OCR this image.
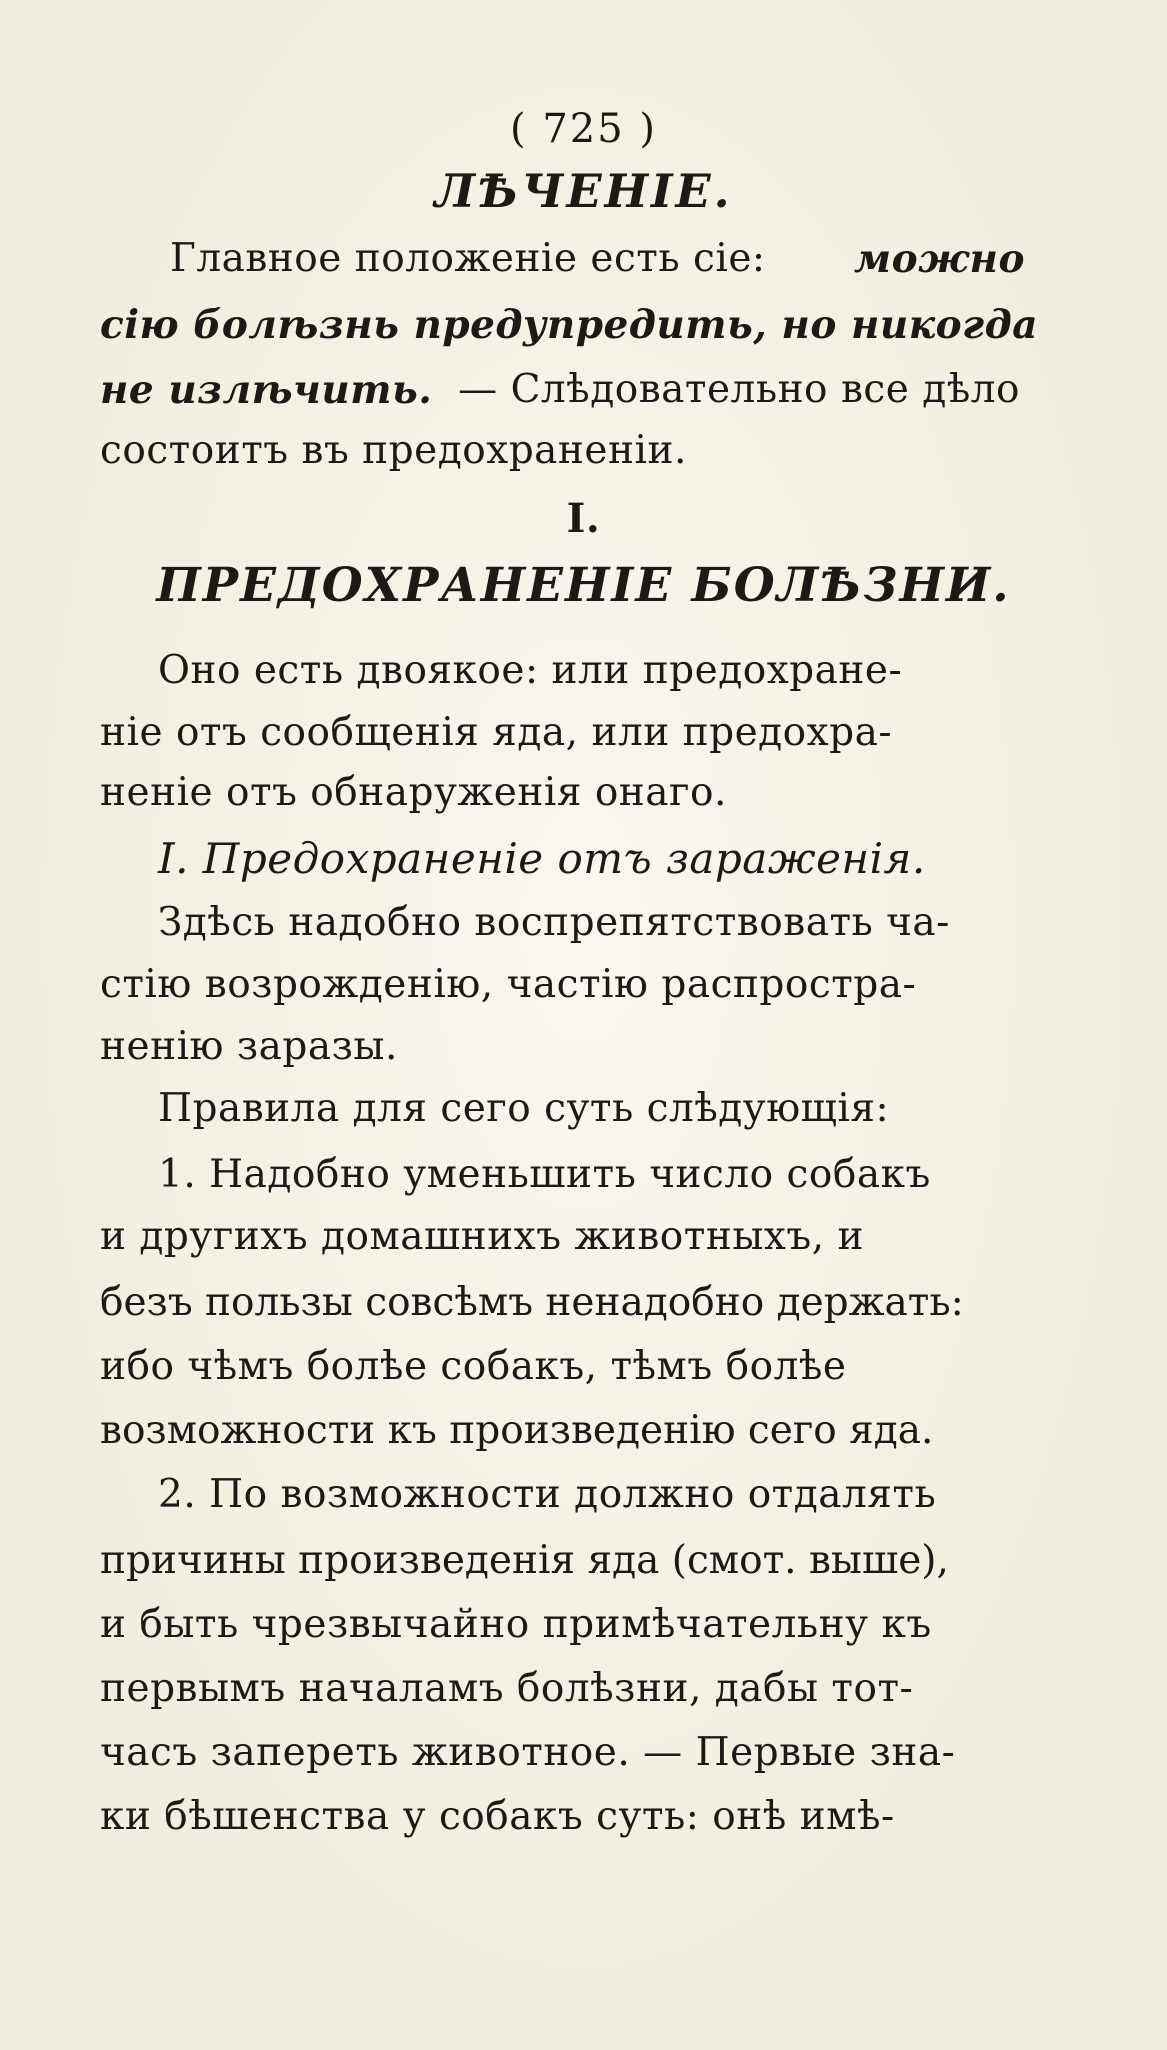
( 725 )
ЛѢЧЕНIЕ.
Главное положенiе есть сiе: можно
сiю болѣзнь предупредить, но никогда
не излѣчить. — Слѣдовательно все дѣло
состоитъ въ предохраненiи.
I.
ПРЕДОХРАНЕНIЕ БОЛѢЗНИ.
Оно есть двоякое: или предохране-
нiе отъ сообщенiя яда, или предохра-
ненiе отъ обнаруженiя онаго.
I. Предохраненiе отъ зараженiя.
Здѣсь надобно воспрепятствовать ча-
стiю возрожденiю, частiю распростра-
ненiю заразы.
Правила для сего суть слѣдующiя:
1. Надобно уменьшить число собакъ
и другихъ домашнихъ животныхъ, и
безъ пользы совсѣмъ ненадобно держать:
ибо чѣмъ болѣе собакъ, тѣмъ болѣе
возможности къ произведенiю сего яда.
2. По возможности должно отдалять
причины произведенiя яда (смот. выше),
и быть чрезвычайно примѣчательну къ
первымъ началамъ болѣзни, дабы тот-
часъ запереть животное. — Первые зна-
ки бѣшенства у собакъ суть: онѣ имѣ-
